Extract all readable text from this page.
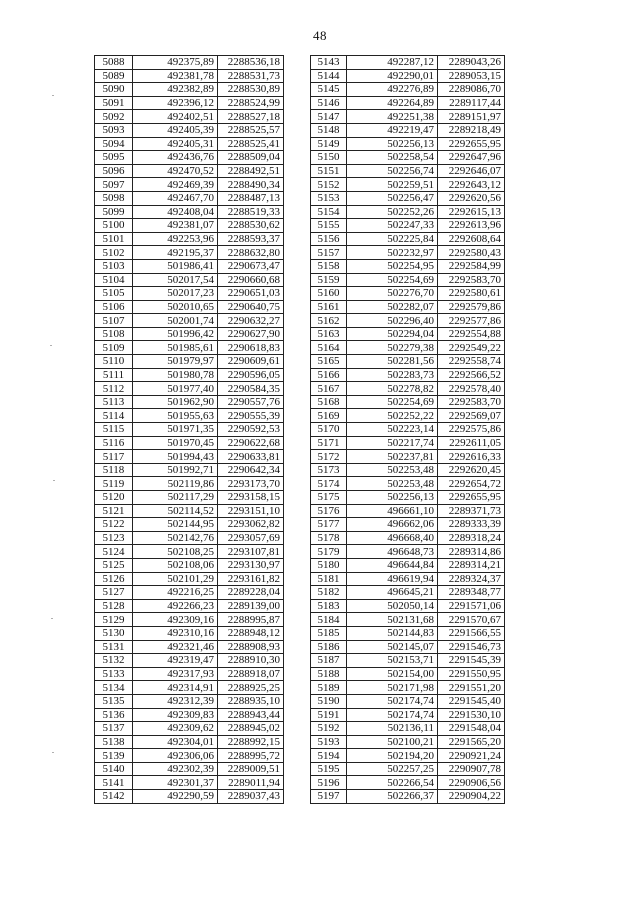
48
5088	492375,89	2288536,18
5089	492381,78	2288531,73
5090	492382,89	2288530,89
5091	492396,12	2288524,99
5092	492402,51	2288527,18
5093	492405,39	2288525,57
5094	492405,31	2288525,41
5095	492436,76	2288509,04
5096	492470,52	2288492,51
5097	492469,39	2288490,34
5098	492467,70	2288487,13
5099	492408,04	2288519,33
5100	492381,07	2288530,62
5101	492253,96	2288593,37
5102	492195,37	2288632,80
5103	501986,41	2290673,47
5104	502017,54	2290660,68
5105	502017,23	2290651,03
5106	502010,65	2290640,75
5107	502001,74	2290632,27
5108	501996,42	2290627,90
5109	501985,61	2290618,83
5110	501979,97	2290609,61
5111	501980,78	2290596,05
5112	501977,40	2290584,35
5113	501962,90	2290557,76
5114	501955,63	2290555,39
5115	501971,35	2290592,53
5116	501970,45	2290622,68
5117	501994,43	2290633,81
5118	501992,71	2290642,34
5119	502119,86	2293173,70
5120	502117,29	2293158,15
5121	502114,52	2293151,10
5122	502144,95	2293062,82
5123	502142,76	2293057,69
5124	502108,25	2293107,81
5125	502108,06	2293130,97
5126	502101,29	2293161,82
5127	492216,25	2289228,04
5128	492266,23	2289139,00
5129	492309,16	2288995,87
5130	492310,16	2288948,12
5131	492321,46	2288908,93
5132	492319,47	2288910,30
5133	492317,93	2288918,07
5134	492314,91	2288925,25
5135	492312,39	2288935,10
5136	492309,83	2288943,44
5137	492309,62	2288945,02
5138	492304,01	2288992,15
5139	492306,06	2288995,72
5140	492302,39	2289009,51
5141	492301,37	2289011,94
5142	492290,59	2289037,43
5143	492287,12	2289043,26
5144	492290,01	2289053,15
5145	492276,89	2289086,70
5146	492264,89	2289117,44
5147	492251,38	2289151,97
5148	492219,47	2289218,49
5149	502256,13	2292655,95
5150	502258,54	2292647,96
5151	502256,74	2292646,07
5152	502259,51	2292643,12
5153	502256,47	2292620,56
5154	502252,26	2292615,13
5155	502247,33	2292613,96
5156	502225,84	2292608,64
5157	502232,97	2292580,43
5158	502254,95	2292584,99
5159	502254,69	2292583,70
5160	502276,70	2292580,61
5161	502282,07	2292579,86
5162	502296,40	2292577,86
5163	502294,04	2292554,88
5164	502279,38	2292549,22
5165	502281,56	2292558,74
5166	502283,73	2292566,52
5167	502278,82	2292578,40
5168	502254,69	2292583,70
5169	502252,22	2292569,07
5170	502223,14	2292575,86
5171	502217,74	2292611,05
5172	502237,81	2292616,33
5173	502253,48	2292620,45
5174	502253,48	2292654,72
5175	502256,13	2292655,95
5176	496661,10	2289371,73
5177	496662,06	2289333,39
5178	496668,40	2289318,24
5179	496648,73	2289314,86
5180	496644,84	2289314,21
5181	496619,94	2289324,37
5182	496645,21	2289348,77
5183	502050,14	2291571,06
5184	502131,68	2291570,67
5185	502144,83	2291566,55
5186	502145,07	2291546,73
5187	502153,71	2291545,39
5188	502154,00	2291550,95
5189	502171,98	2291551,20
5190	502174,74	2291545,40
5191	502174,74	2291530,10
5192	502136,11	2291548,04
5193	502100,21	2291565,20
5194	502194,20	2290921,24
5195	502257,25	2290907,78
5196	502266,54	2290906,56
5197	502266,37	2290904,22
